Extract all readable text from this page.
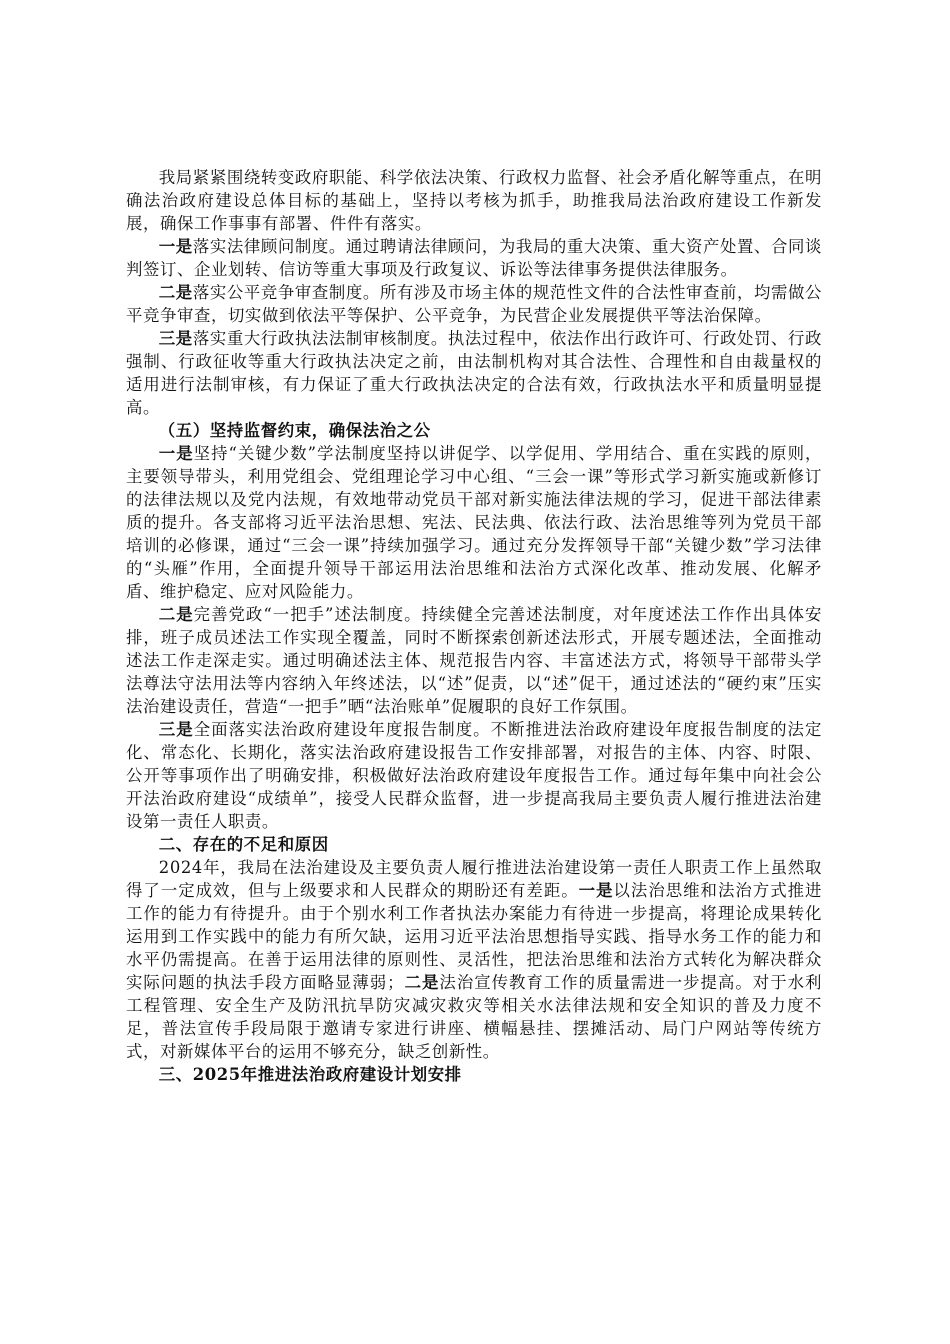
我局紧紧围绕转变政府职能、科学依法决策、行政权力监督、社会矛盾化解等重点，在明确法治政府建设总体目标的基础上，坚持以考核为抓手，助推我局法治政府建设工作新发展，确保工作事事有部署、件件有落实。

一是落实法律顾问制度。通过聘请法律顾问，为我局的重大决策、重大资产处置、合同谈判签订、企业划转、信访等重大事项及行政复议、诉讼等法律事务提供法律服务。

二是落实公平竞争审查制度。所有涉及市场主体的规范性文件的合法性审查前，均需做公平竞争审查，切实做到依法平等保护、公平竞争，为民营企业发展提供平等法治保障。

三是落实重大行政执法法制审核制度。执法过程中，依法作出行政许可、行政处罚、行政强制、行政征收等重大行政执法决定之前，由法制机构对其合法性、合理性和自由裁量权的适用进行法制审核，有力保证了重大行政执法决定的合法有效，行政执法水平和质量明显提高。

（五）坚持监督约束，确保法治之公

一是坚持“关键少数”学法制度坚持以讲促学、以学促用、学用结合、重在实践的原则，主要领导带头，利用党组会、党组理论学习中心组、“三会一课”等形式学习新实施或新修订的法律法规以及党内法规，有效地带动党员干部对新实施法律法规的学习，促进干部法律素质的提升。各支部将习近平法治思想、宪法、民法典、依法行政、法治思维等列为党员干部培训的必修课，通过“三会一课”持续加强学习。通过充分发挥领导干部“关键少数”学习法律的“头雁”作用，全面提升领导干部运用法治思维和法治方式深化改革、推动发展、化解矛盾、维护稳定、应对风险能力。

二是完善党政“一把手”述法制度。持续健全完善述法制度，对年度述法工作作出具体安排，班子成员述法工作实现全覆盖，同时不断探索创新述法形式，开展专题述法，全面推动述法工作走深走实。通过明确述法主体、规范报告内容、丰富述法方式，将领导干部带头学法尊法守法用法等内容纳入年终述法，以“述”促责，以“述”促干，通过述法的“硬约束”压实法治建设责任，营造“一把手”晒“法治账单”促履职的良好工作氛围。

三是全面落实法治政府建设年度报告制度。不断推进法治政府建设年度报告制度的法定化、常态化、长期化，落实法治政府建设报告工作安排部署，对报告的主体、内容、时限、公开等事项作出了明确安排，积极做好法治政府建设年度报告工作。通过每年集中向社会公开法治政府建设“成绩单”，接受人民群众监督，进一步提高我局主要负责人履行推进法治建设第一责任人职责。

二、存在的不足和原因

2024年，我局在法治建设及主要负责人履行推进法治建设第一责任人职责工作上虽然取得了一定成效，但与上级要求和人民群众的期盼还有差距。一是以法治思维和法治方式推进工作的能力有待提升。由于个别水利工作者执法办案能力有待进一步提高，将理论成果转化运用到工作实践中的能力有所欠缺，运用习近平法治思想指导实践、指导水务工作的能力和水平仍需提高。在善于运用法律的原则性、灵活性，把法治思维和法治方式转化为解决群众实际问题的执法手段方面略显薄弱；二是法治宣传教育工作的质量需进一步提高。对于水利工程管理、安全生产及防汛抗旱防灾减灾救灾等相关水法律法规和安全知识的普及力度不足，普法宣传手段局限于邀请专家进行讲座、横幅悬挂、摆摊活动、局门户网站等传统方式，对新媒体平台的运用不够充分，缺乏创新性。

三、2025年推进法治政府建设计划安排
